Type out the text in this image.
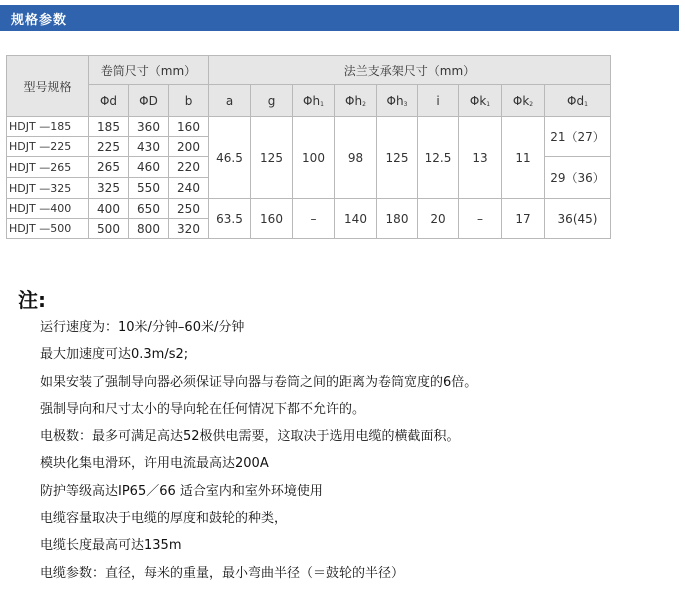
规格参数
型号规格	卷筒尺寸（mm）			法兰支承架尺寸（mm）								
	Φd	ΦD	b	a	g	$\Phi h_1$	$\Phi h_2$	$\Phi h_3$	i	$\Phi k_1$	$\Phi k_2$	$\Phi d_1$
HDJT —185	185	360	160	46.5	125	100	98	125	12.5	13	11	21（27）
HDJT —225	225	430	200									
HDJT —265	265	460	220									29（36）
HDJT —325	325	550	240									
HDJT —400	400	650	250	63.5	160	–	140	180	20	–	17	36(45)
HDJT —500	500	800	320									
注:
运行速度为：10米/分钟–60米/分钟
最大加速度可达0.3m/s2;
如果安装了强制导向器必须保证导向器与卷筒之间的距离为卷筒宽度的6倍。
强制导向和尺寸太小的导向轮在任何情况下都不允许的。
电极数：最多可满足高达52极供电需要，这取决于选用电缆的横截面积。
模块化集电滑环，许用电流最高达200A
防护等级高达IP65／66 适合室内和室外环境使用
电缆容量取决于电缆的厚度和鼓轮的种类，
电缆长度最高可达135m
电缆参数：直径，每米的重量，最小弯曲半径（＝鼓轮的半径）
